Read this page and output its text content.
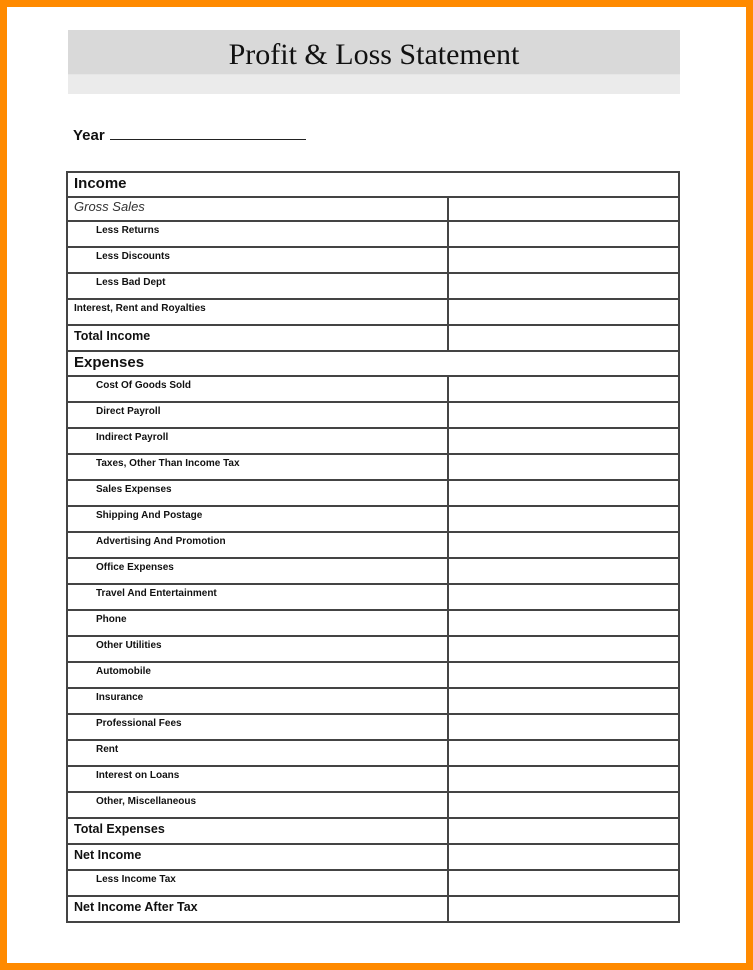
Profit & Loss Statement
Year
Income	
Gross Sales	
Less Returns	
Less Discounts	
Less Bad Dept	
Interest, Rent and Royalties	
Total Income	
Expenses	
Cost Of Goods Sold	
Direct Payroll	
Indirect Payroll	
Taxes, Other Than Income Tax	
Sales Expenses	
Shipping And Postage	
Advertising And Promotion	
Office Expenses	
Travel And Entertainment	
Phone	
Other Utilities	
Automobile	
Insurance	
Professional Fees	
Rent	
Interest on Loans	
Other, Miscellaneous	
Total Expenses	
Net Income	
Less Income Tax	
Net Income After Tax	
